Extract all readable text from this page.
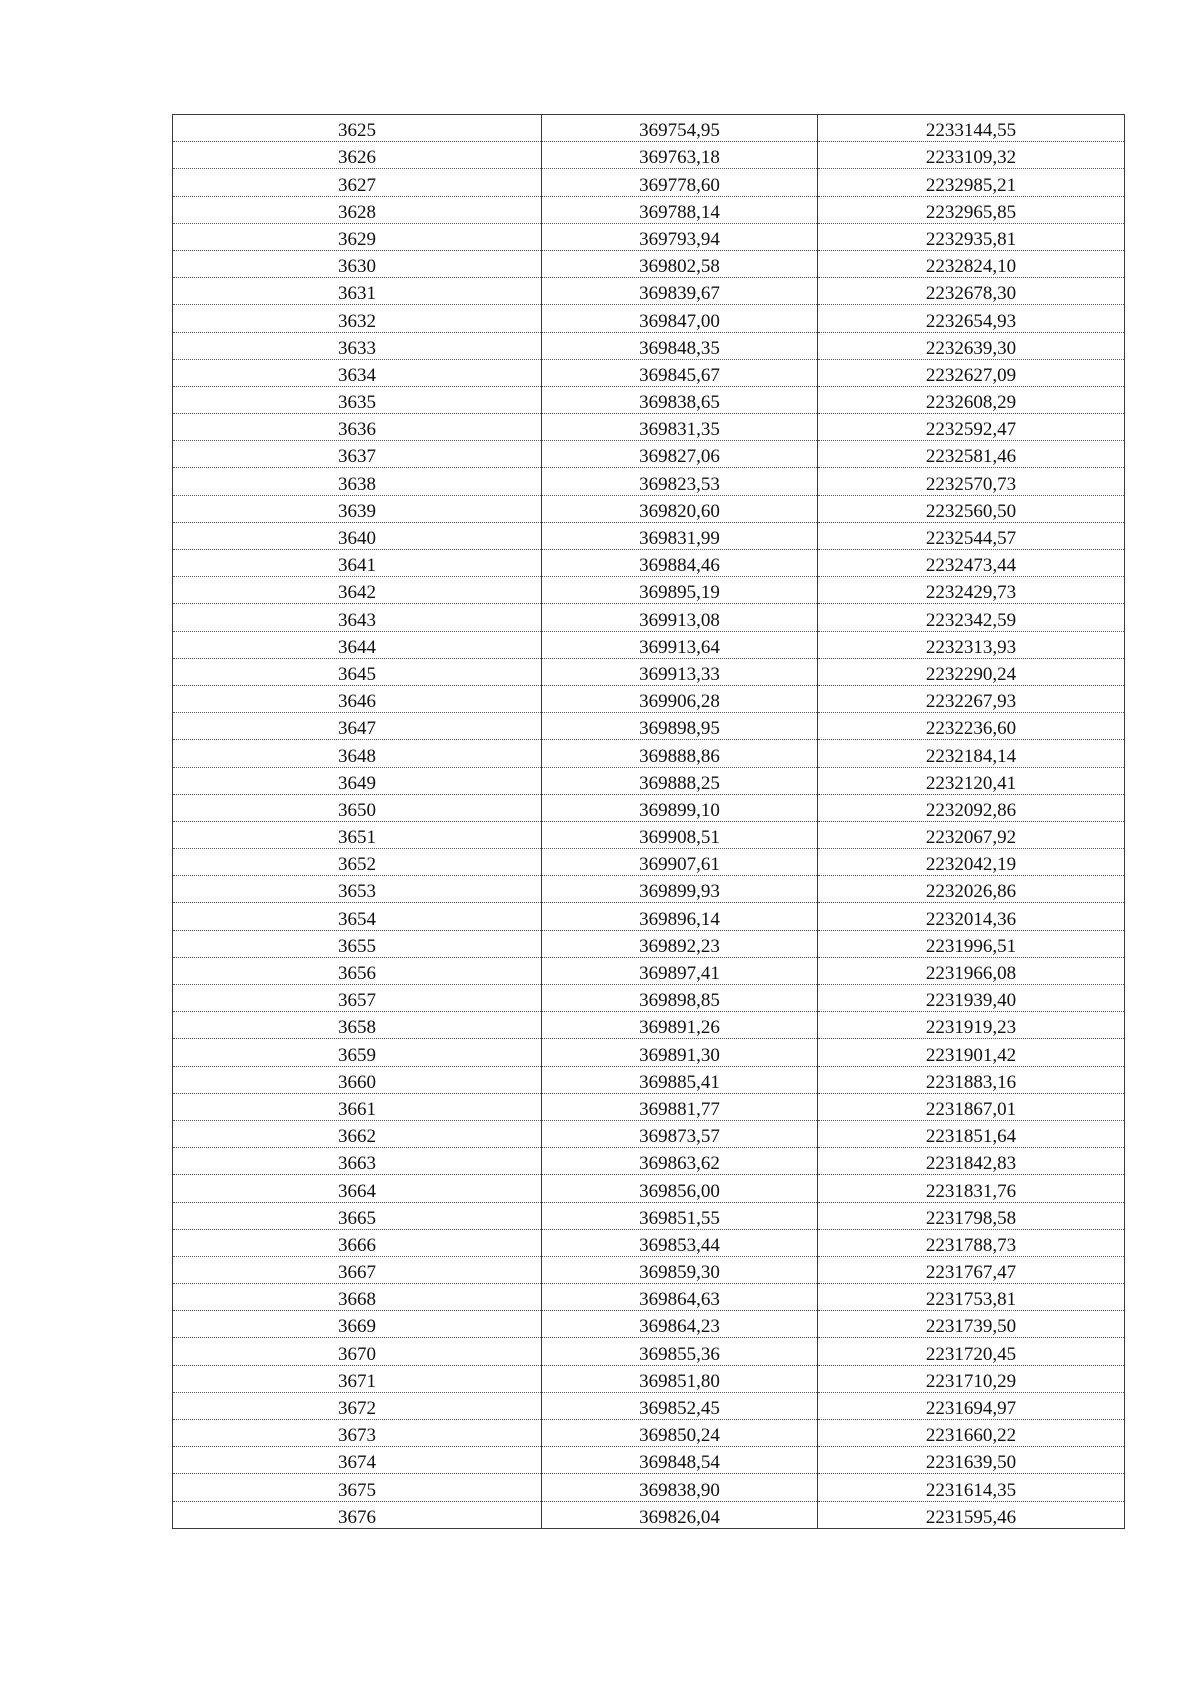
3625	369754,95	2233144,55
3626	369763,18	2233109,32
3627	369778,60	2232985,21
3628	369788,14	2232965,85
3629	369793,94	2232935,81
3630	369802,58	2232824,10
3631	369839,67	2232678,30
3632	369847,00	2232654,93
3633	369848,35	2232639,30
3634	369845,67	2232627,09
3635	369838,65	2232608,29
3636	369831,35	2232592,47
3637	369827,06	2232581,46
3638	369823,53	2232570,73
3639	369820,60	2232560,50
3640	369831,99	2232544,57
3641	369884,46	2232473,44
3642	369895,19	2232429,73
3643	369913,08	2232342,59
3644	369913,64	2232313,93
3645	369913,33	2232290,24
3646	369906,28	2232267,93
3647	369898,95	2232236,60
3648	369888,86	2232184,14
3649	369888,25	2232120,41
3650	369899,10	2232092,86
3651	369908,51	2232067,92
3652	369907,61	2232042,19
3653	369899,93	2232026,86
3654	369896,14	2232014,36
3655	369892,23	2231996,51
3656	369897,41	2231966,08
3657	369898,85	2231939,40
3658	369891,26	2231919,23
3659	369891,30	2231901,42
3660	369885,41	2231883,16
3661	369881,77	2231867,01
3662	369873,57	2231851,64
3663	369863,62	2231842,83
3664	369856,00	2231831,76
3665	369851,55	2231798,58
3666	369853,44	2231788,73
3667	369859,30	2231767,47
3668	369864,63	2231753,81
3669	369864,23	2231739,50
3670	369855,36	2231720,45
3671	369851,80	2231710,29
3672	369852,45	2231694,97
3673	369850,24	2231660,22
3674	369848,54	2231639,50
3675	369838,90	2231614,35
3676	369826,04	2231595,46
